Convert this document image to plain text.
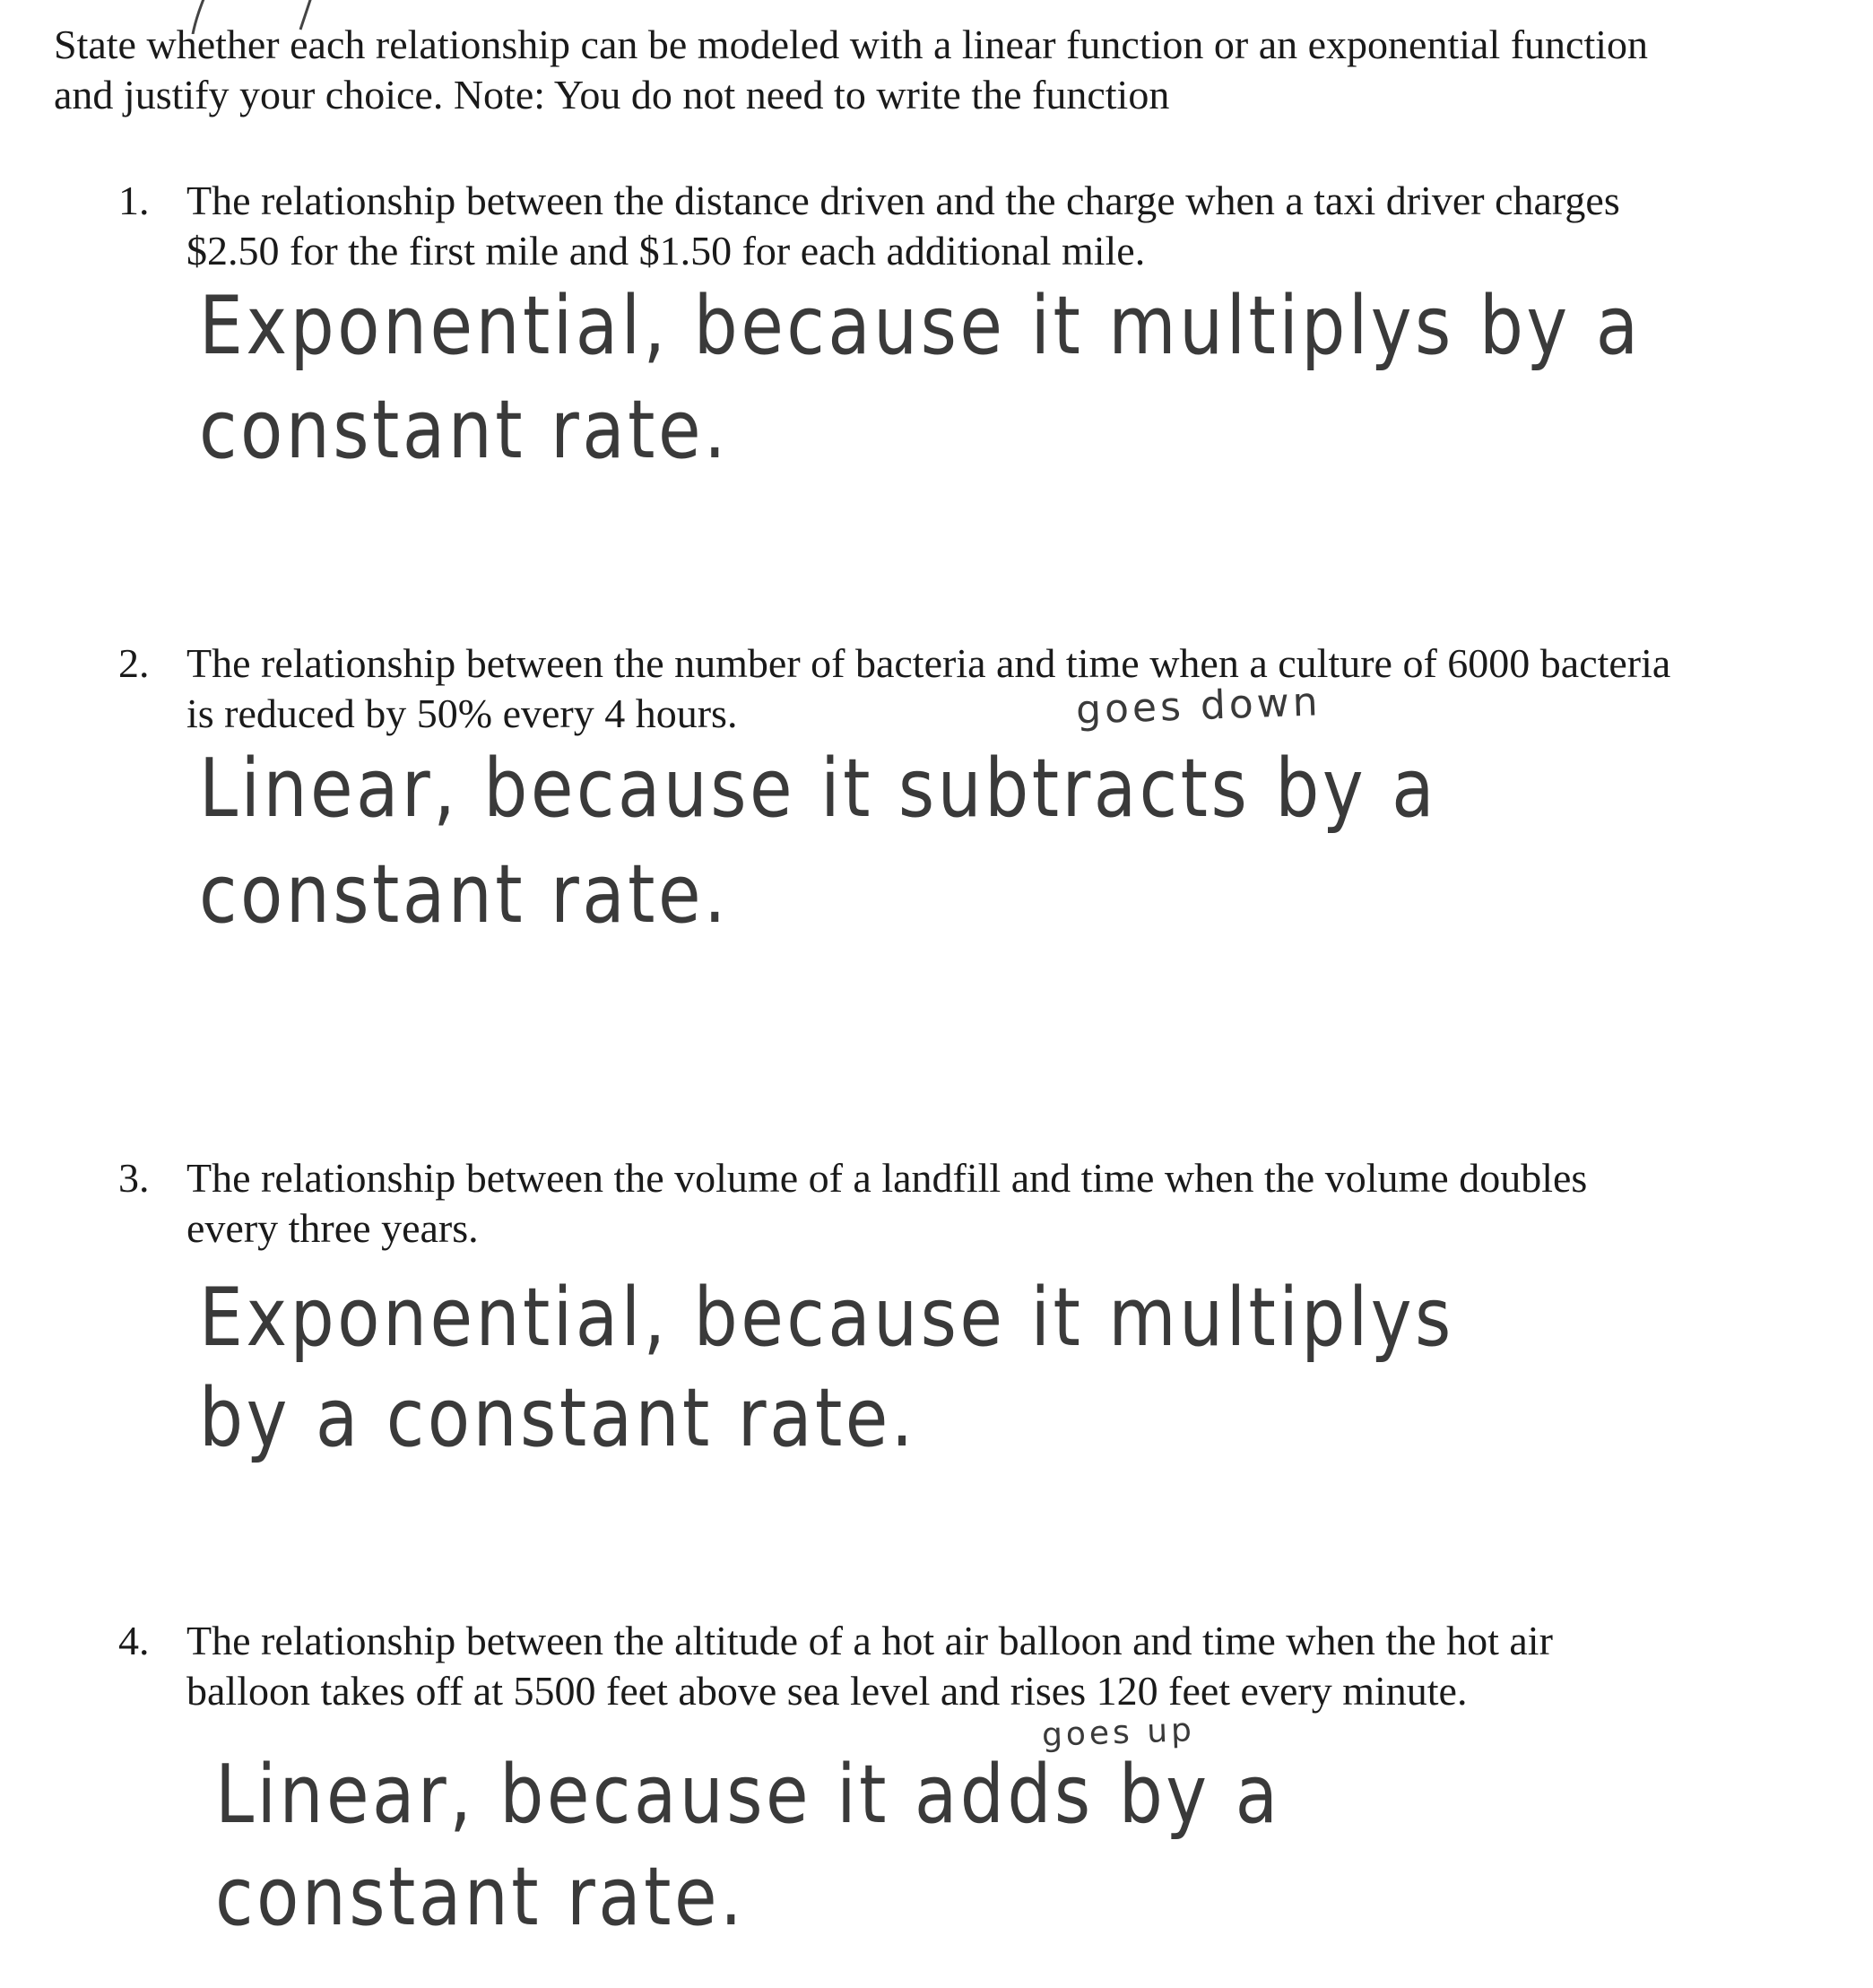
State whether each relationship can be modeled with a linear function or an exponential function

and justify your choice. Note: You do not need to write the function

1. The relationship between the distance driven and the charge when a taxi driver charges
$2.50 for the first mile and $1.50 for each additional mile.
Exponential, because it multiplys by a
constant rate.
2. The relationship between the number of bacteria and time when a culture of 6000 bacteria
is reduced by 50% every 4 hours.	goes down
Linear, because it subtracts by a
constant rate.
3. The relationship between the volume of a landfill and time when the volume doubles
every three years.
Exponential, because it multiplys
by a constant rate.
4. The relationship between the altitude of a hot air balloon and time when the hot air
balloon takes off at 5500 feet above sea level and rises 120 feet every minute.
goes up
Linear, because it adds by a
constant rate.
